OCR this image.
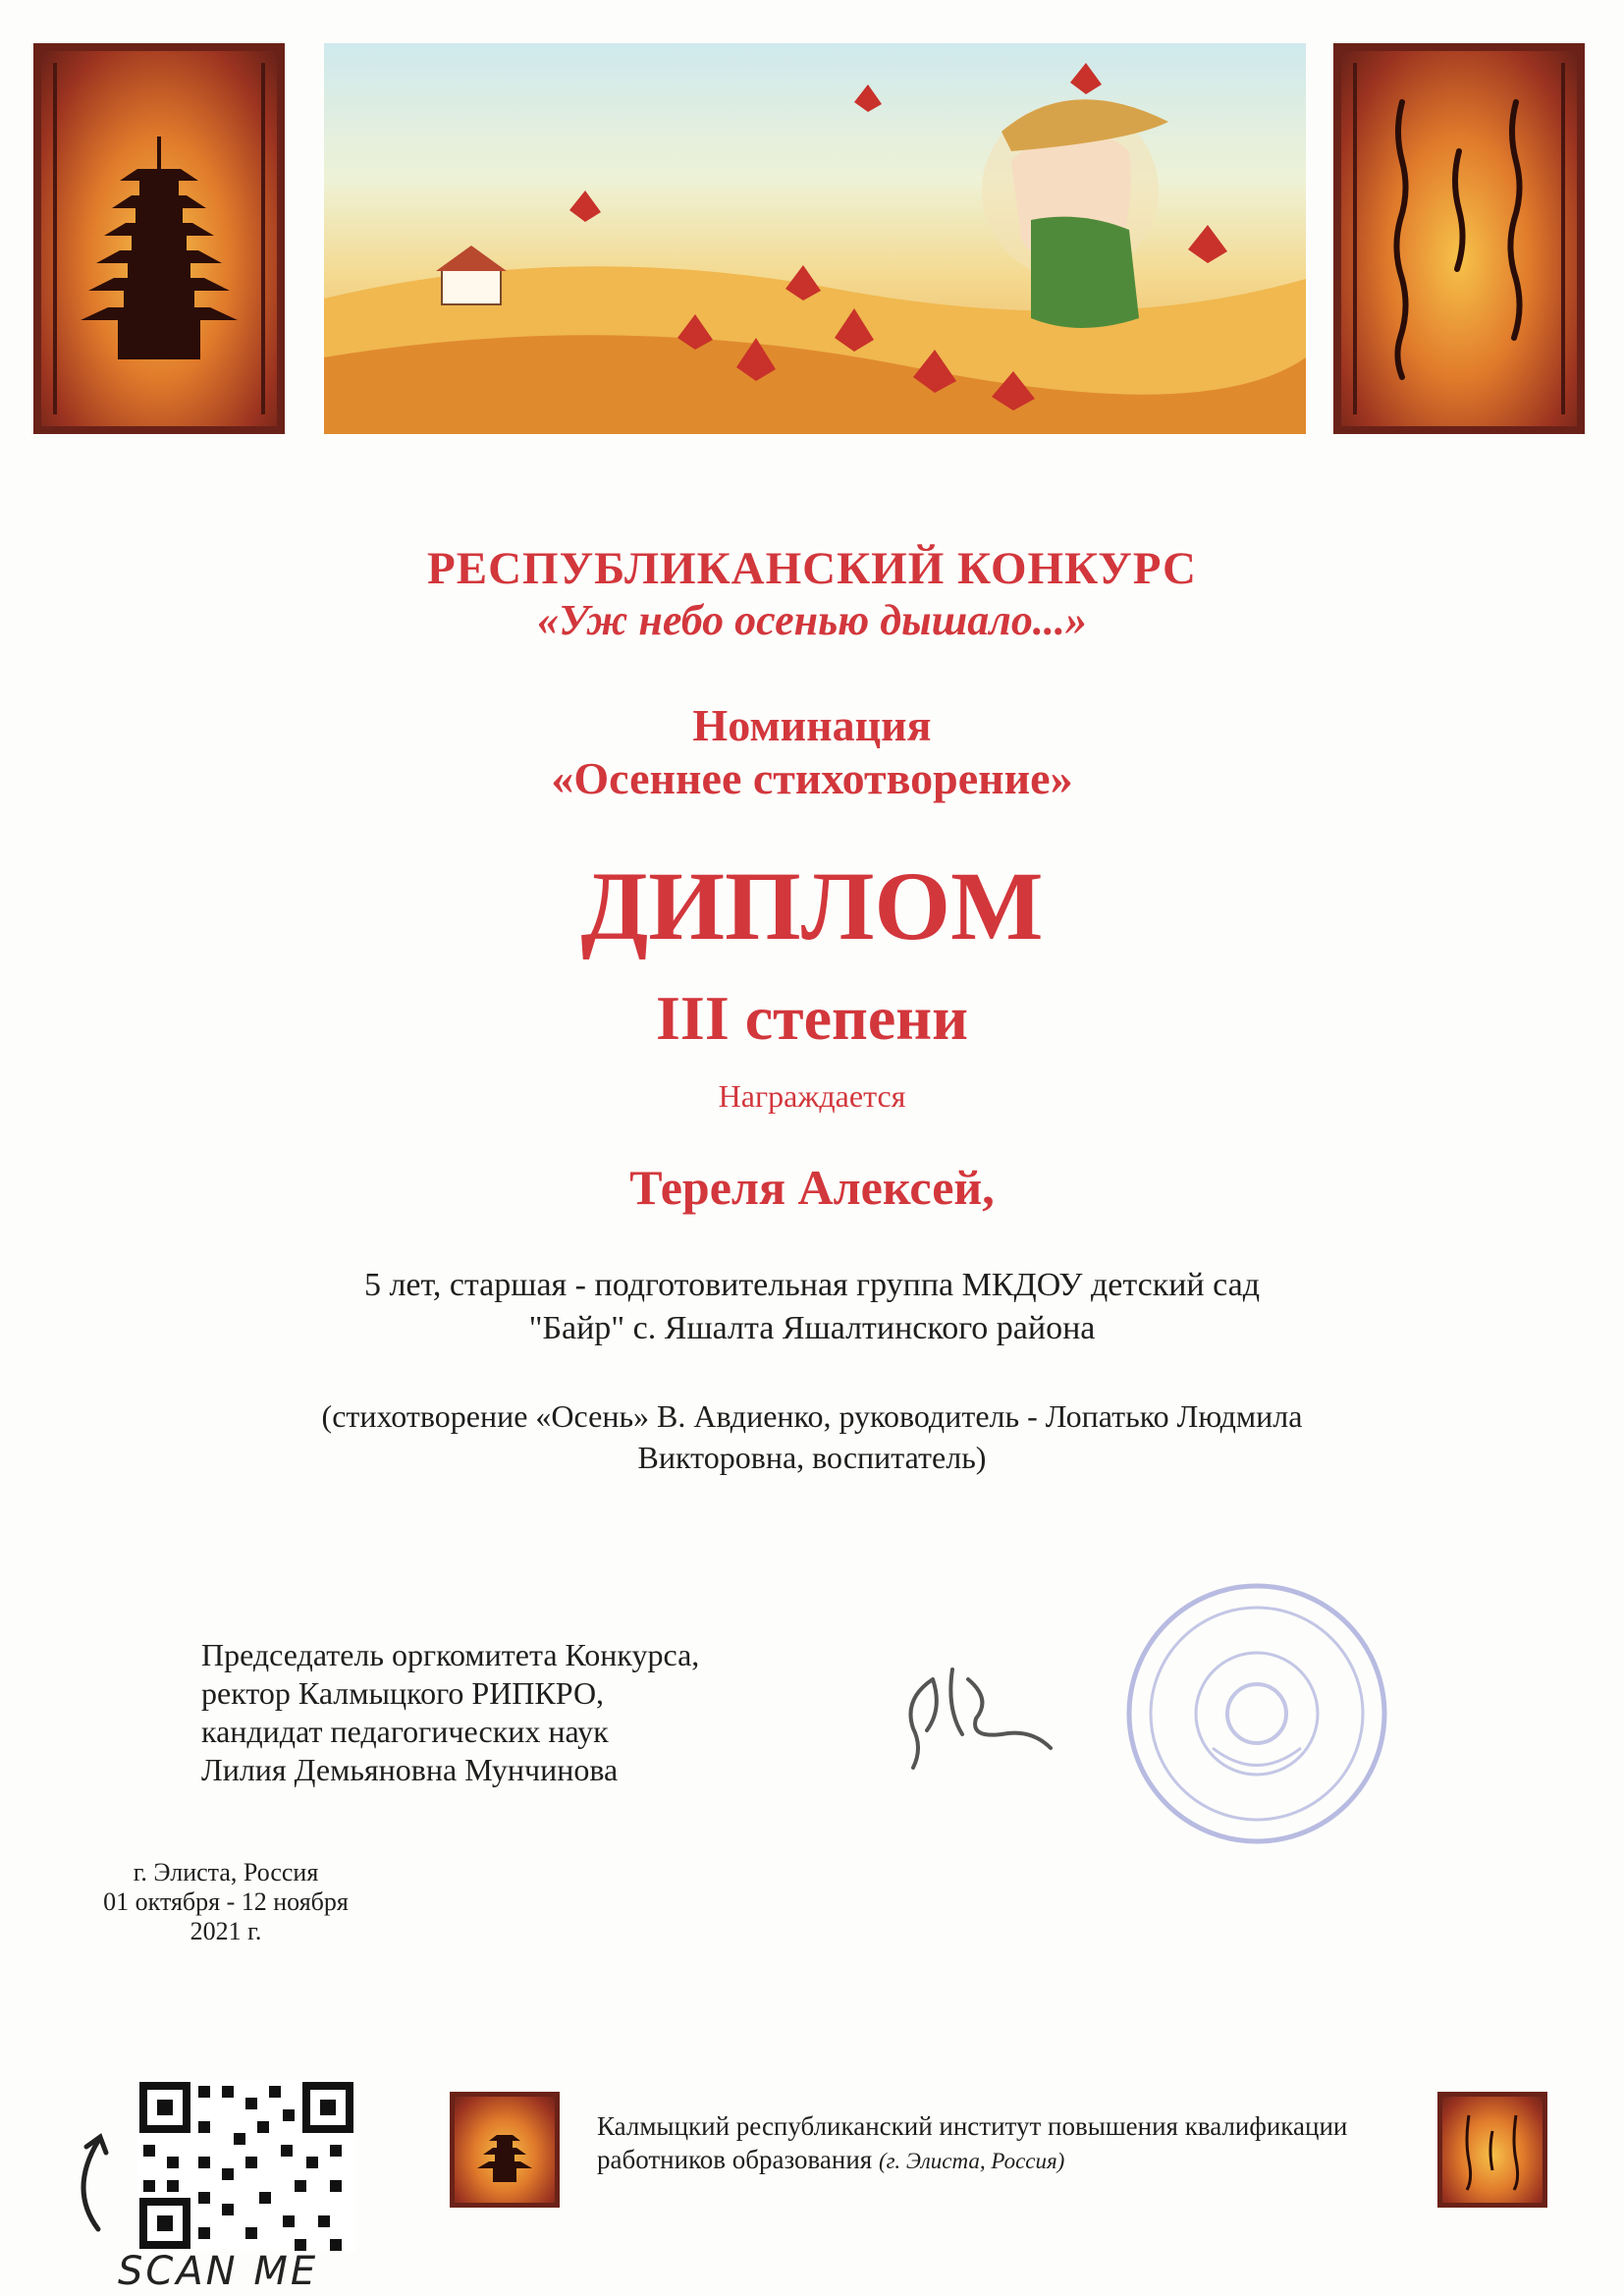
РЕСПУБЛИКАНСКИЙ КОНКУРС
«Уж небо осенью дышало...»
Номинация
«Осеннее стихотворение»
ДИПЛОМ
III степени
Награждается
Тереля Алексей,
5 лет, старшая - подготовительная группа МКДОУ детский сад
"Байр" с. Яшалта Яшалтинского района
(стихотворение «Осень» В. Авдиенко, руководитель - Лопатько Людмила
Викторовна, воспитатель)
Председатель оргкомитета Конкурса,
ректор Калмыцкого РИПКРО,
кандидат педагогических наук
Лилия Демьяновна Мунчинова
г. Элиста, Россия
01 октября - 12 ноября
2021 г.
SCAN ME
Калмыцкий республиканский институт повышения квалификации
работников образования (г. Элиста, Россия)
